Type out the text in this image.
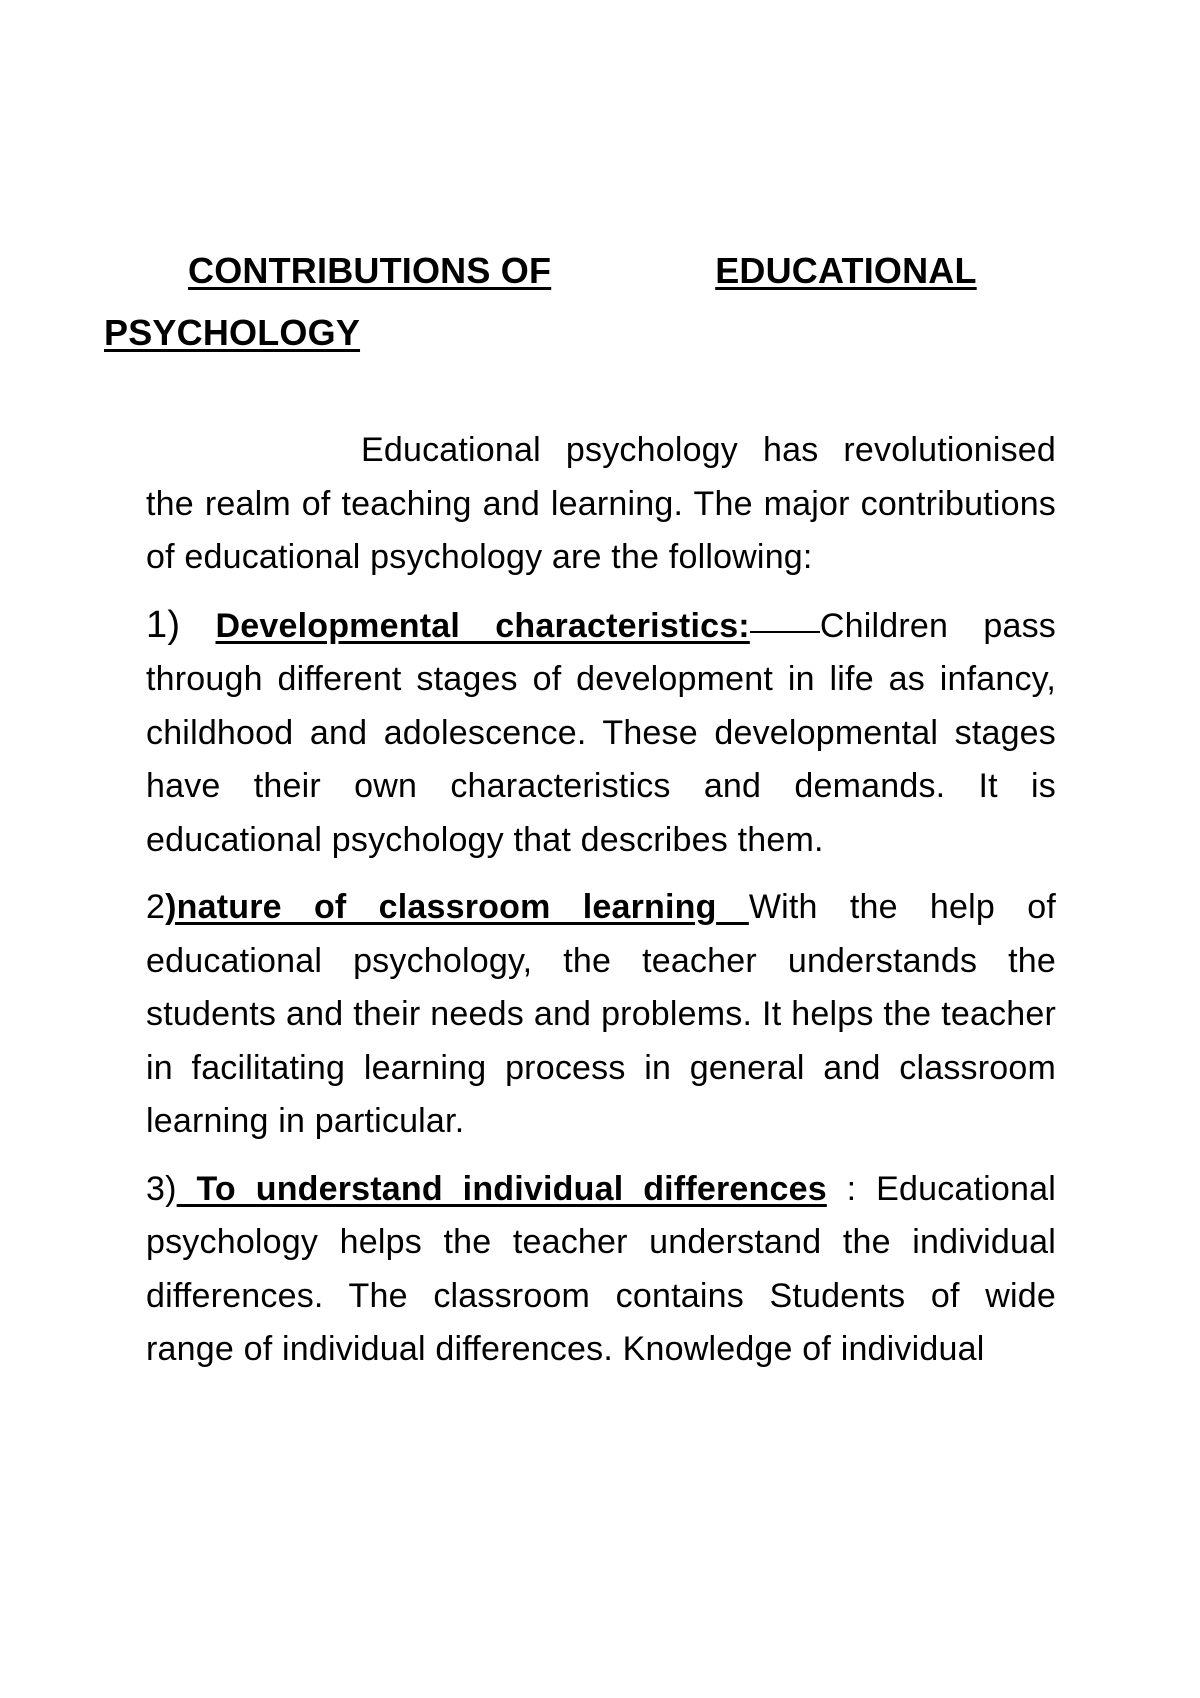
CONTRIBUTIONS OF	EDUCATIONAL
PSYCHOLOGY

Educational psychology has revolutionised the realm of teaching and learning. The major contributions of educational psychology are the following:

1) Developmental characteristics: Children pass through different stages of development in life as infancy, childhood and adolescence. These developmental stages have their own characteristics and demands. It is educational psychology that describes them.

2)nature of classroom learning With the help of educational psychology, the teacher understands the students and their needs and problems. It helps the teacher in facilitating learning process in general and classroom learning in particular.

3) To understand individual differences : Educational psychology helps the teacher understand the individual differences. The classroom contains Students of wide range of individual differences. Knowledge of individual
